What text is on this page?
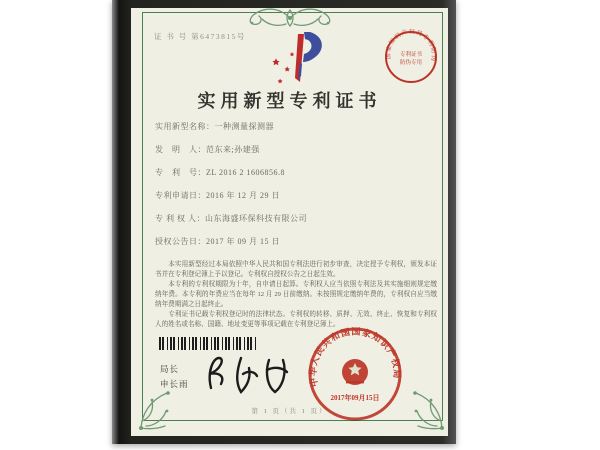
证 书 号 第6473815号
实用新型专利证书
国家知识产权局专利防伪
专利证书
防伪专用
实用新型名称：一种测量探测器
发　明　人：范东来;孙建强
专　利　号：ZL 2016 2 1606856.8
专利申请日：2016 年 12 月 29 日
专 利 权 人：山东海盛环保科技有限公司
授权公告日：2017 年 09 月 15 日

本实用新型经过本局依照中华人民共和国专利法进行初步审查，决定授予专利权，颁发本证书并在专利登记簿上予以登记。专利权自授权公告之日起生效。

本专利的专利权期限为十年，自申请日起算。专利权人应当依照专利法及其实施细则规定缴纳年费。本专利的年费应当在每年 12 月 29 日前缴纳。未按照规定缴纳年费的，专利权自应当缴纳年费期满之日起终止。

专利证书记载专利权登记时的法律状态。专利权的转移、质押、无效、终止、恢复和专利权人的姓名或名称、国籍、地址变更等事项记载在专利登记簿上。

局长
申长雨	中华人民共和国国家知识产权局
2017年09月15日
第 1 页（共 1 页）
